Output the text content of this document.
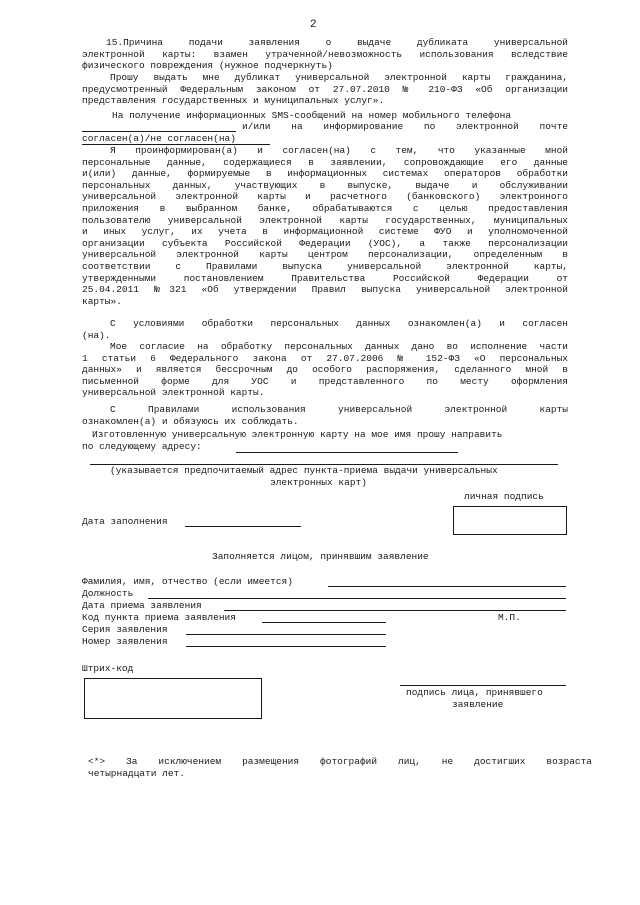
2
15.Причина подачи заявления о выдаче дубликата универсальной
электронной карты: взамен утраченной/невозможность использования вследствие
физического повреждения (нужное подчеркнуть)
Прошу выдать мне дубликат универсальной электронной карты гражданина,
предусмотренный Федеральным законом от 27.07.2010 № 210-ФЗ «Об организации
представления государственных и муниципальных услуг».
На получение информационных SMS-сообщений на номер мобильного телефона
и/или на информирование по электронной почте
согласен(а)/не согласен(на)
Я проинформирован(а) и согласен(на) с тем, что указанные мной
персональные данные, содержащиеся в заявлении, сопровождающие его данные
и(или) данные, формируемые в информационных системах операторов обработки
персональных данных, участвующих в выпуске, выдаче и обслуживании
универсальной электронной карты и расчетного (банковского) электронного
приложения в выбранном банке, обрабатываются с целью предоставления
пользователю универсальной электронной карты государственных, муниципальных
и иных услуг, их учета в информационной системе ФУО и уполномоченной
организации субъекта Российской Федерации (УОС), а также персонализации
универсальной электронной карты центром персонализации, определенным в
соответствии с Правилами выпуска универсальной электронной карты,
утвержденными постановлением Правительства Российской Федерации от
25.04.2011 №321 «Об утверждении Правил выпуска универсальной электронной
карты».
С условиями обработки персональных данных ознакомлен(а) и согласен
(на).
Мое согласие на обработку персональных данных дано во исполнение части
1 статьи 6 Федерального закона от 27.07.2006 № 152-ФЗ «О персональных
данных» и является бессрочным до особого распоряжения, сделанного мной в
письменной форме для УОС и представленного по месту оформления
универсальной электронной карты.
С Правилами использования универсальной электронной карты
ознакомлен(а) и обязуюсь их соблюдать.
Изготовленную универсальную электронную карту на мое имя прошу направить
по следующему адресу:
(указывается предпочитаемый адрес пункта-приема выдачи универсальных
электронных карт)
личная подпись
Дата заполнения
Заполняется лицом, принявшим заявление
Фамилия, имя, отчество (если имеется)
Должность
Дата приема заявления
Код пункта приема заявления	М.П.
Серия заявления
Номер заявления
Штрих-код
подпись лица, принявшего
заявление
<*> За исключением размещения фотографий лиц, не достигших возраста
четырнадцати лет.
